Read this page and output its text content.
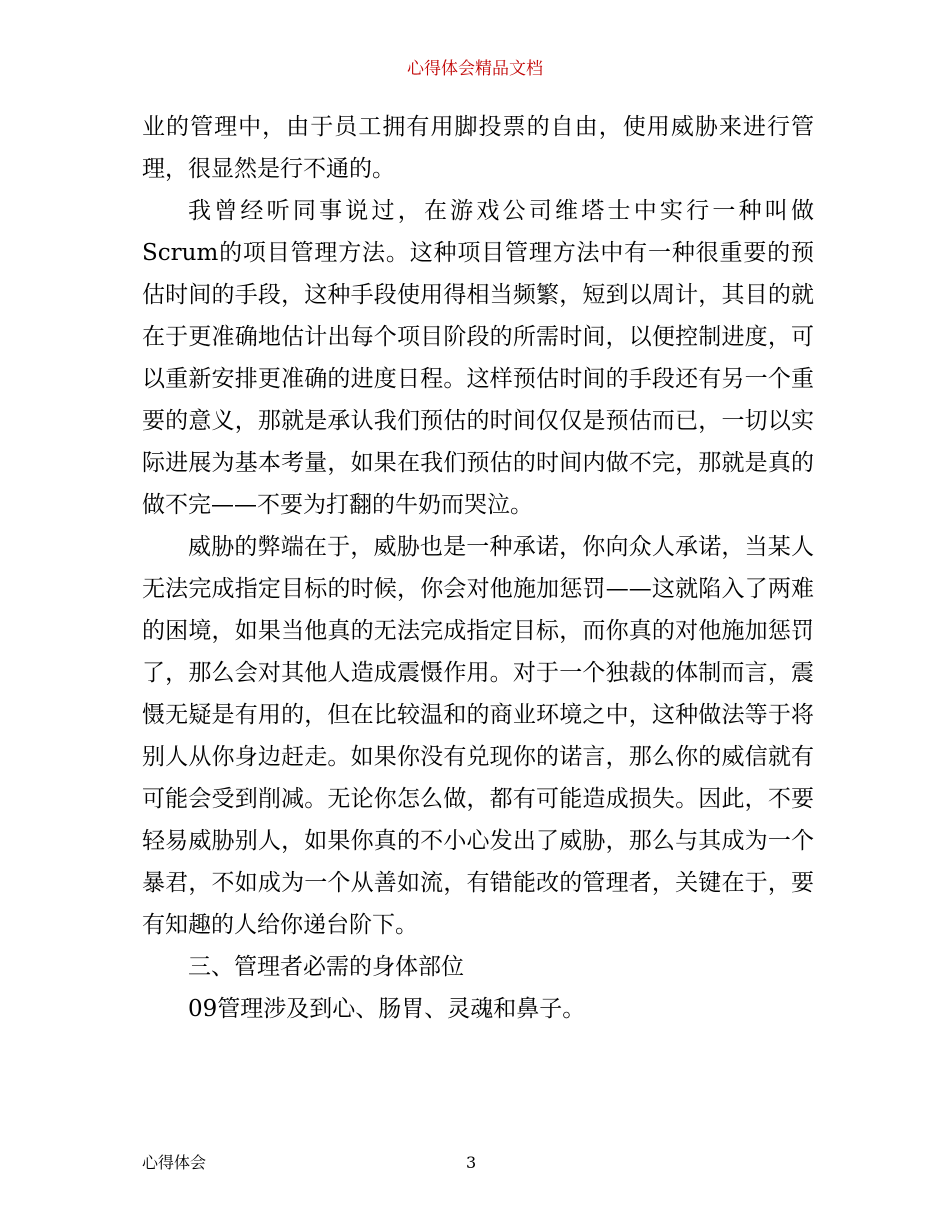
心得体会精品文档

业的管理中，由于员工拥有用脚投票的自由，使用威胁来进行管理，很显然是行不通的。

我曾经听同事说过，在游戏公司维塔士中实行一种叫做Scrum的项目管理方法。这种项目管理方法中有一种很重要的预估时间的手段，这种手段使用得相当频繁，短到以周计，其目的就在于更准确地估计出每个项目阶段的所需时间，以便控制进度，可以重新安排更准确的进度日程。这样预估时间的手段还有另一个重要的意义，那就是承认我们预估的时间仅仅是预估而已，一切以实际进展为基本考量，如果在我们预估的时间内做不完，那就是真的做不完——不要为打翻的牛奶而哭泣。

威胁的弊端在于，威胁也是一种承诺，你向众人承诺，当某人无法完成指定目标的时候，你会对他施加惩罚——这就陷入了两难的困境，如果当他真的无法完成指定目标，而你真的对他施加惩罚了，那么会对其他人造成震慑作用。对于一个独裁的体制而言，震慑无疑是有用的，但在比较温和的商业环境之中，这种做法等于将别人从你身边赶走。如果你没有兑现你的诺言，那么你的威信就有可能会受到削减。无论你怎么做，都有可能造成损失。因此，不要轻易威胁别人，如果你真的不小心发出了威胁，那么与其成为一个暴君，不如成为一个从善如流，有错能改的管理者，关键在于，要有知趣的人给你递台阶下。

三、管理者必需的身体部位

09管理涉及到心、肠胃、灵魂和鼻子。

心得体会	3
